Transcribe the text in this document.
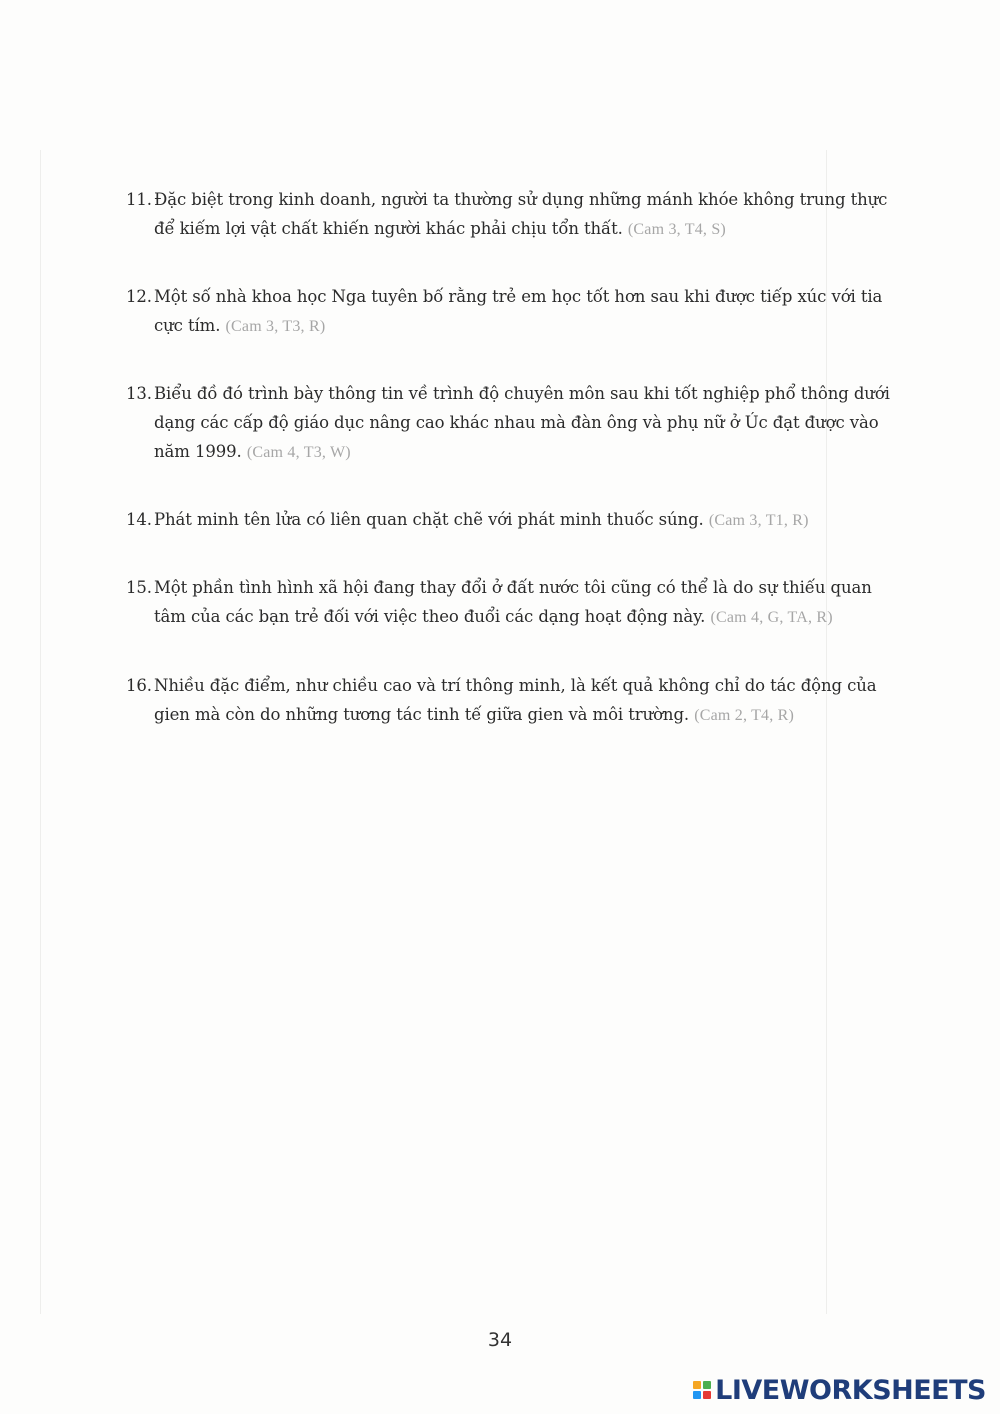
11. Đặc biệt trong kinh doanh, người ta thường sử dụng những mánh khóe không trung thực để kiếm lợi vật chất khiến người khác phải chịu tổn thất. (Cam 3, T4, S)
12. Một số nhà khoa học Nga tuyên bố rằng trẻ em học tốt hơn sau khi được tiếp xúc với tia cực tím. (Cam 3, T3, R)
13. Biểu đồ đó trình bày thông tin về trình độ chuyên môn sau khi tốt nghiệp phổ thông dưới dạng các cấp độ giáo dục nâng cao khác nhau mà đàn ông và phụ nữ ở Úc đạt được vào năm 1999. (Cam 4, T3, W)
14. Phát minh tên lửa có liên quan chặt chẽ với phát minh thuốc súng. (Cam 3, T1, R)
15. Một phần tình hình xã hội đang thay đổi ở đất nước tôi cũng có thể là do sự thiếu quan tâm của các bạn trẻ đối với việc theo đuổi các dạng hoạt động này. (Cam 4, G, TA, R)
16. Nhiều đặc điểm, như chiều cao và trí thông minh, là kết quả không chỉ do tác động của gien mà còn do những tương tác tinh tế giữa gien và môi trường. (Cam 2, T4, R)
34
LIVEWORKSHEETS
